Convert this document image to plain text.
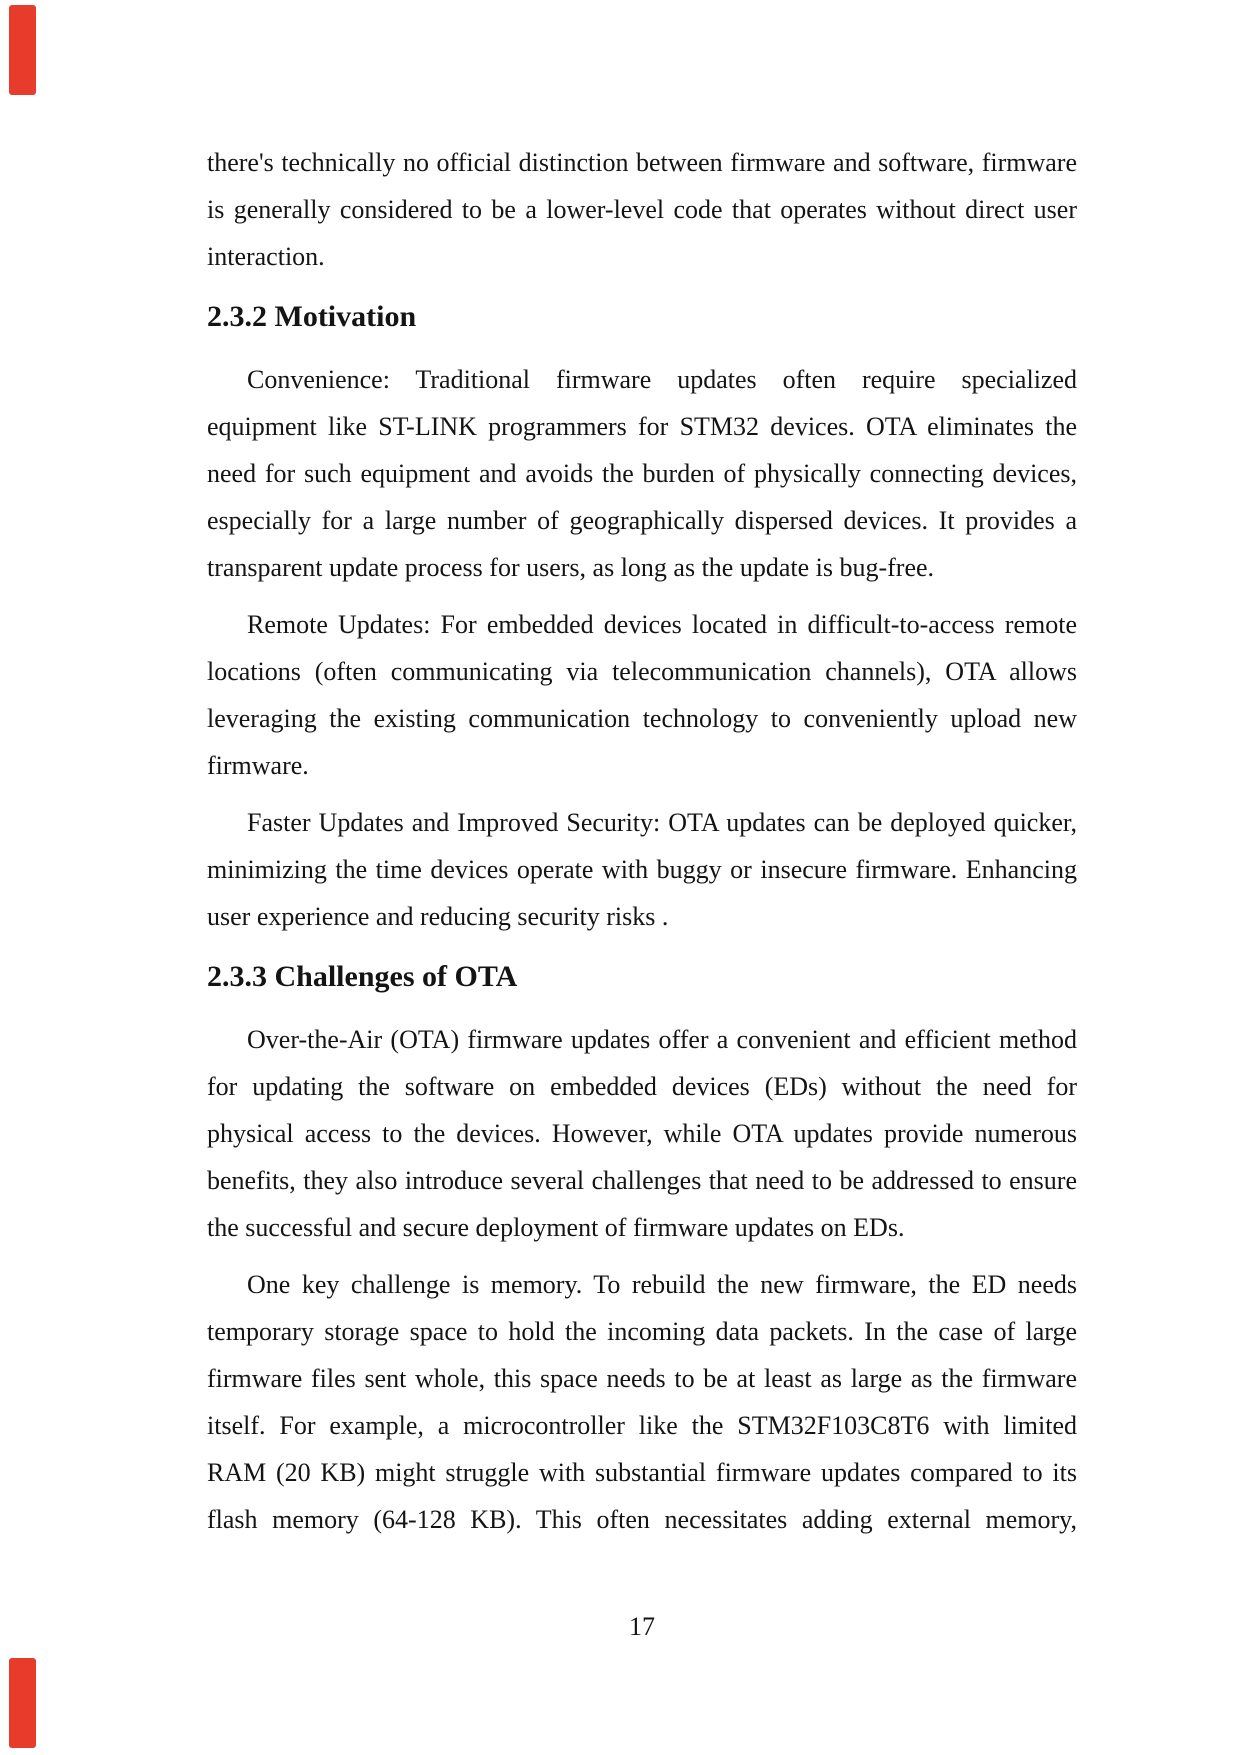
there's technically no official distinction between firmware and software, firmware
is generally considered to be a lower-level code that operates without direct user
interaction.
2.3.2 Motivation
Convenience: Traditional firmware updates often require specialized
equipment like ST-LINK programmers for STM32 devices. OTA eliminates the
need for such equipment and avoids the burden of physically connecting devices,
especially for a large number of geographically dispersed devices. It provides a
transparent update process for users, as long as the update is bug-free.
Remote Updates: For embedded devices located in difficult-to-access remote
locations (often communicating via telecommunication channels), OTA allows
leveraging the existing communication technology to conveniently upload new
firmware.
Faster Updates and Improved Security: OTA updates can be deployed quicker,
minimizing the time devices operate with buggy or insecure firmware. Enhancing
user experience and reducing security risks .
2.3.3 Challenges of OTA
Over-the-Air (OTA) firmware updates offer a convenient and efficient method
for updating the software on embedded devices (EDs) without the need for
physical access to the devices. However, while OTA updates provide numerous
benefits, they also introduce several challenges that need to be addressed to ensure
the successful and secure deployment of firmware updates on EDs.
One key challenge is memory. To rebuild the new firmware, the ED needs
temporary storage space to hold the incoming data packets. In the case of large
firmware files sent whole, this space needs to be at least as large as the firmware
itself. For example, a microcontroller like the STM32F103C8T6 with limited
RAM (20 KB) might struggle with substantial firmware updates compared to its
flash memory (64-128 KB). This often necessitates adding external memory,
17
